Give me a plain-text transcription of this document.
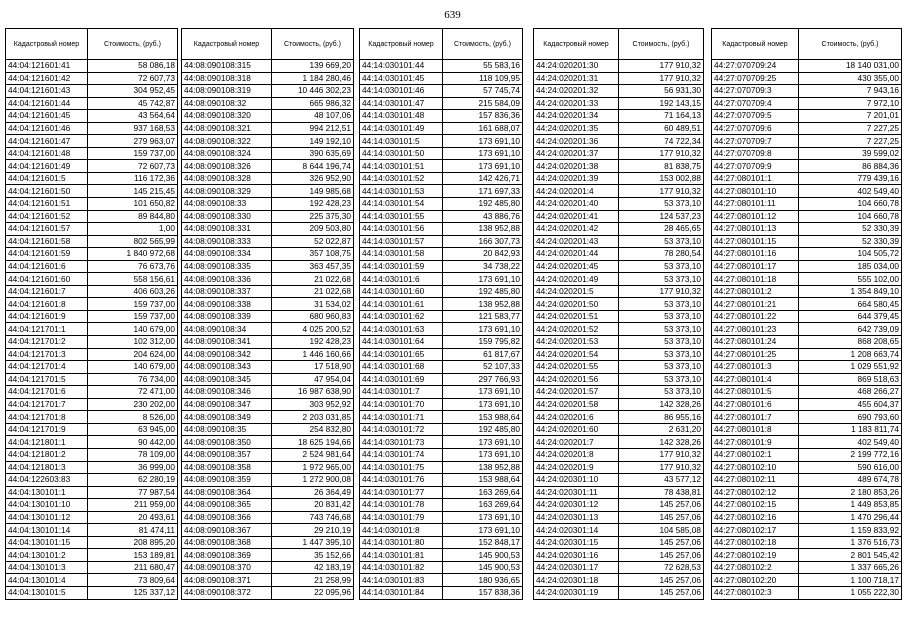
639
Кадастровый номер	Стоимость, (руб.)
44:04:121601:41	58 086,18
44:04:121601:42	72 607,73
44:04:121601:43	304 952,45
44:04:121601:44	45 742,87
44:04:121601:45	43 564,64
44:04:121601:46	937 168,53
44:04:121601:47	279 963,07
44:04:121601:48	159 737,00
44:04:121601:49	72 607,73
44:04:121601:5	116 172,36
44:04:121601:50	145 215,45
44:04:121601:51	101 650,82
44:04:121601:52	89 844,80
44:04:121601:57	1,00
44:04:121601:58	802 565,99
44:04:121601:59	1 840 972,68
44:04:121601:6	76 673,76
44:04:121601:60	558 156,61
44:04:121601:7	406 603,26
44:04:121601:8	159 737,00
44:04:121601:9	159 737,00
44:04:121701:1	140 679,00
44:04:121701:2	102 312,00
44:04:121701:3	204 624,00
44:04:121701:4	140 679,00
44:04:121701:5	76 734,00
44:04:121701:6	72 471,00
44:04:121701:7	230 202,00
44:04:121701:8	8 526,00
44:04:121701:9	63 945,00
44:04:121801:1	90 442,00
44:04:121801:2	78 109,00
44:04:121801:3	36 999,00
44:04:122603:83	62 280,19
44:04:130101:1	77 987,54
44:04:130101:10	211 959,00
44:04:130101:12	20 493,61
44:04:130101:14	81 474,11
44:04:130101:15	208 895,20
44:04:130101:2	153 189,81
44:04:130101:3	211 680,47
44:04:130101:4	73 809,64
44:04:130101:5	125 337,12
Кадастровый номер	Стоимость, (руб.)
44:08:090108:315	139 669,20
44:08:090108:318	1 184 280,46
44:08:090108:319	10 446 302,23
44:08:090108:32	665 986,32
44:08:090108:320	48 107,06
44:08:090108:321	994 212,51
44:08:090108:322	149 192,10
44:08:090108:324	390 635,69
44:08:090108:326	8 644 196,74
44:08:090108:328	326 952,90
44:08:090108:329	149 985,68
44:08:090108:33	192 428,23
44:08:090108:330	225 375,30
44:08:090108:331	209 503,80
44:08:090108:333	52 022,87
44:08:090108:334	357 108,75
44:08:090108:335	363 457,35
44:08:090108:336	21 022,68
44:08:090108:337	21 022,68
44:08:090108:338	31 534,02
44:08:090108:339	680 960,83
44:08:090108:34	4 025 200,52
44:08:090108:341	192 428,23
44:08:090108:342	1 446 160,66
44:08:090108:343	17 518,90
44:08:090108:345	47 954,04
44:08:090108:346	16 987 638,90
44:08:090108:347	303 952,92
44:08:090108:349	2 203 031,85
44:08:090108:35	254 832,80
44:08:090108:350	18 625 194,66
44:08:090108:357	2 524 981,64
44:08:090108:358	1 972 965,00
44:08:090108:359	1 272 900,08
44:08:090108:364	26 364,49
44:08:090108:365	20 831,42
44:08:090108:366	743 746,68
44:08:090108:367	29 210,19
44:08:090108:368	1 447 395,10
44:08:090108:369	35 152,66
44:08:090108:370	42 183,19
44:08:090108:371	21 258,99
44:08:090108:372	22 095,96
Кадастровый номер	Стоимость, (руб.)
44:14:030101:44	55 583,16
44:14:030101:45	118 109,95
44:14:030101:46	57 745,74
44:14:030101:47	215 584,09
44:14:030101:48	157 836,36
44:14:030101:49	161 688,07
44:14:030101:5	173 691,10
44:14:030101:50	173 691,10
44:14:030101:51	173 691,10
44:14:030101:52	142 426,71
44:14:030101:53	171 697,33
44:14:030101:54	192 485,80
44:14:030101:55	43 886,76
44:14:030101:56	138 952,88
44:14:030101:57	166 307,73
44:14:030101:58	20 842,93
44:14:030101:59	34 738,22
44:14:030101:6	173 691,10
44:14:030101:60	192 485,80
44:14:030101:61	138 952,88
44:14:030101:62	121 583,77
44:14:030101:63	173 691,10
44:14:030101:64	159 795,82
44:14:030101:65	61 817,67
44:14:030101:68	52 107,33
44:14:030101:69	297 766,93
44:14:030101:7	173 691,10
44:14:030101:70	173 691,10
44:14:030101:71	153 988,64
44:14:030101:72	192 485,80
44:14:030101:73	173 691,10
44:14:030101:74	173 691,10
44:14:030101:75	138 952,88
44:14:030101:76	153 988,64
44:14:030101:77	163 269,64
44:14:030101:78	163 269,64
44:14:030101:79	173 691,10
44:14:030101:8	173 691,10
44:14:030101:80	152 848,17
44:14:030101:81	145 900,53
44:14:030101:82	145 900,53
44:14:030101:83	180 936,65
44:14:030101:84	157 838,36
Кадастровый номер	Стоимость, (руб.)
44:24:020201:30	177 910,32
44:24:020201:31	177 910,32
44:24:020201:32	56 931,30
44:24:020201:33	192 143,15
44:24:020201:34	71 164,13
44:24:020201:35	60 489,51
44:24:020201:36	74 722,34
44:24:020201:37	177 910,32
44:24:020201:38	81 838,75
44:24:020201:39	153 002,88
44:24:020201:4	177 910,32
44:24:020201:40	53 373,10
44:24:020201:41	124 537,23
44:24:020201:42	28 465,65
44:24:020201:43	53 373,10
44:24:020201:44	78 280,54
44:24:020201:45	53 373,10
44:24:020201:49	53 373,10
44:24:020201:5	177 910,32
44:24:020201:50	53 373,10
44:24:020201:51	53 373,10
44:24:020201:52	53 373,10
44:24:020201:53	53 373,10
44:24:020201:54	53 373,10
44:24:020201:55	53 373,10
44:24:020201:56	53 373,10
44:24:020201:57	53 373,10
44:24:020201:58	142 328,26
44:24:020201:6	86 955,16
44:24:020201:60	2 631,20
44:24:020201:7	142 328,26
44:24:020201:8	177 910,32
44:24:020201:9	177 910,32
44:24:020301:10	43 577,12
44:24:020301:11	78 438,81
44:24:020301:12	145 257,06
44:24:020301:13	145 257,06
44:24:020301:14	104 585,08
44:24:020301:15	145 257,06
44:24:020301:16	145 257,06
44:24:020301:17	72 628,53
44:24:020301:18	145 257,06
44:24:020301:19	145 257,06
Кадастровый номер	Стоимость, (руб.)
44:27:070709:24	18 140 031,00
44:27:070709:25	430 355,00
44:27:070709:3	7 943,16
44:27:070709:4	7 972,10
44:27:070709:5	7 201,01
44:27:070709:6	7 227,25
44:27:070709:7	7 227,25
44:27:070709:8	39 599,02
44:27:070709:9	86 884,36
44:27:080101:1	779 439,16
44:27:080101:10	402 549,40
44:27:080101:11	104 660,78
44:27:080101:12	104 660,78
44:27:080101:13	52 330,39
44:27:080101:15	52 330,39
44:27:080101:16	104 505,72
44:27:080101:17	185 034,00
44:27:080101:18	555 102,00
44:27:080101:2	1 354 849,10
44:27:080101:21	664 580,45
44:27:080101:22	644 379,45
44:27:080101:23	642 739,09
44:27:080101:24	868 208,65
44:27:080101:25	1 208 663,74
44:27:080101:3	1 029 551,92
44:27:080101:4	869 518,63
44:27:080101:5	468 266,27
44:27:080101:6	455 604,37
44:27:080101:7	690 793,60
44:27:080101:8	1 183 811,74
44:27:080101:9	402 549,40
44:27:080102:1	2 199 772,16
44:27:080102:10	590 616,00
44:27:080102:11	489 674,78
44:27:080102:12	2 180 853,26
44:27:080102:15	1 449 853,85
44:27:080102:16	1 470 296,44
44:27:080102:17	1 159 833,92
44:27:080102:18	1 376 516,73
44:27:080102:19	2 801 545,42
44:27:080102:2	1 337 665,26
44:27:080102:20	1 100 718,17
44:27:080102:3	1 055 222,30
